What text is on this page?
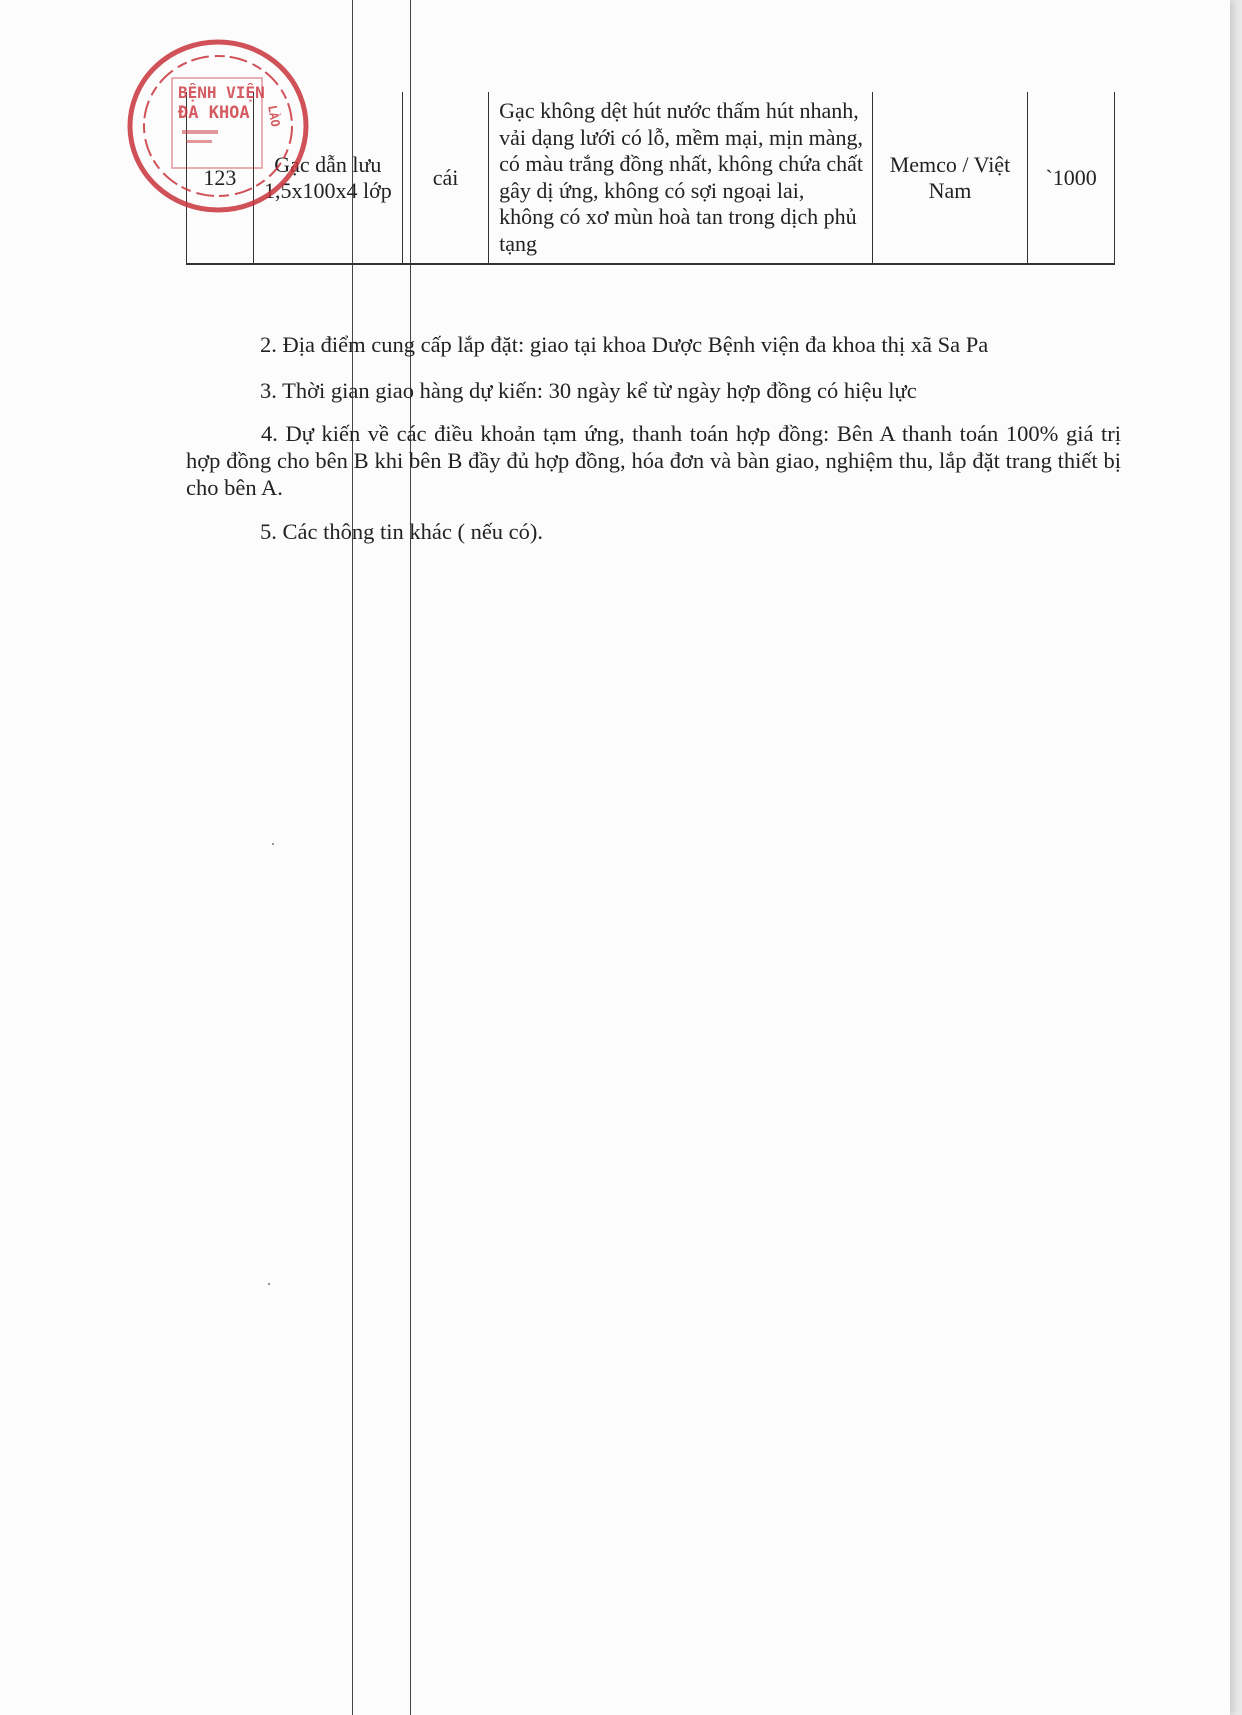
123	Gạc dẫn lưu 1,5x100x4 lớp	cái	Gạc không dệt hút nước thấm hút nhanh, vải dạng lưới có lỗ, mềm mại, mịn màng, có màu trắng đồng nhất, không chứa chất gây dị ứng, không có sợi ngoại lai, không có xơ mùn hoà tan trong dịch phủ tạng	Memco / Việt Nam	`1000
BỆNH VIỆN
ĐA KHOA LÀO

2. Địa điểm cung cấp lắp đặt: giao tại khoa Dược Bệnh viện đa khoa thị xã Sa Pa

3. Thời gian giao hàng dự kiến: 30 ngày kể từ ngày hợp đồng có hiệu lực

4. Dự kiến về các điều khoản tạm ứng, thanh toán hợp đồng: Bên A thanh toán 100% giá trị hợp đồng cho bên B khi bên B đầy đủ hợp đồng, hóa đơn và bàn giao, nghiệm thu, lắp đặt trang thiết bị cho bên A.

5. Các thông tin khác ( nếu có).
